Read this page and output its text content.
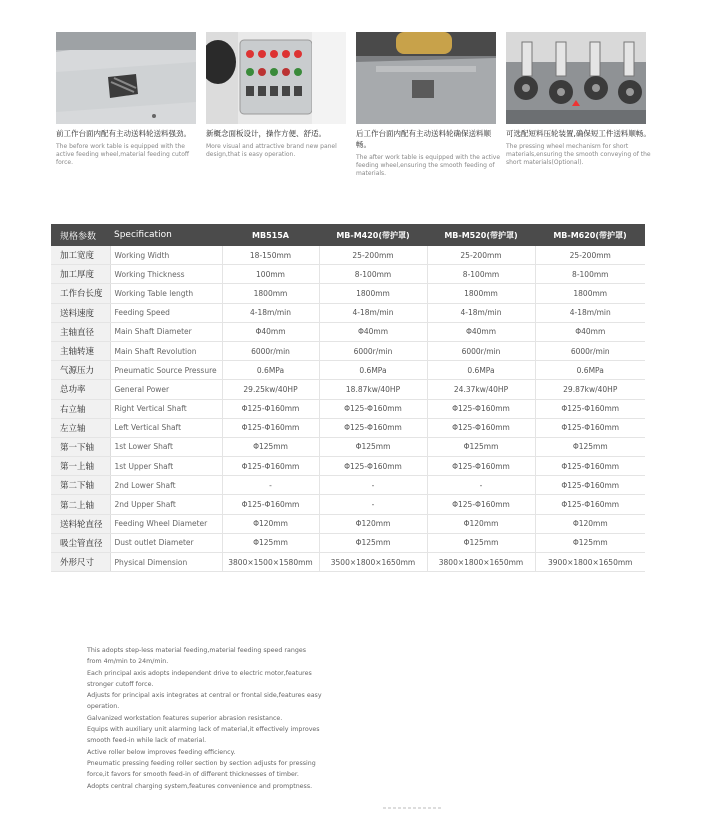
前工作台面内配有主动送料轮送料强劲。
The before work table is equipped with the active feeding wheel,material feeding cutoff force.
新概念面板设计，操作方便、舒适。
More visual and attractive brand new panel design,that is easy operation.
后工作台面内配有主动送料轮确保送料顺畅。
The after work table is equipped with the active feeding wheel,ensuring the smooth feeding of materials.
可选配短料压轮装置,确保短工件送料顺畅。
The pressing wheel mechanism for short materials,ensuring the smooth conveying of the short materials(Optional).
规格参数	Specification	MB515A	MB-M420(带护罩)	MB-M520(带护罩)	MB-M620(带护罩)
加工宽度	Working Width	18-150mm	25-200mm	25-200mm	25-200mm
加工厚度	Working Thickness	100mm	8-100mm	8-100mm	8-100mm
工作台长度	Working Table length	1800mm	1800mm	1800mm	1800mm
送料速度	Feeding Speed	4-18m/min	4-18m/min	4-18m/min	4-18m/min
主轴直径	Main Shaft Diameter	Φ40mm	Φ40mm	Φ40mm	Φ40mm
主轴转速	Main Shaft Revolution	6000r/min	6000r/min	6000r/min	6000r/min
气源压力	Pneumatic Source Pressure	0.6MPa	0.6MPa	0.6MPa	0.6MPa
总功率	General Power	29.25kw/40HP	18.87kw/40HP	24.37kw/40HP	29.87kw/40HP
右立轴	Right Vertical Shaft	Φ125-Φ160mm	Φ125-Φ160mm	Φ125-Φ160mm	Φ125-Φ160mm
左立轴	Left Vertical Shaft	Φ125-Φ160mm	Φ125-Φ160mm	Φ125-Φ160mm	Φ125-Φ160mm
第一下轴	1st Lower Shaft	Φ125mm	Φ125mm	Φ125mm	Φ125mm
第一上轴	1st Upper Shaft	Φ125-Φ160mm	Φ125-Φ160mm	Φ125-Φ160mm	Φ125-Φ160mm
第二下轴	2nd Lower Shaft	-	-	-	Φ125-Φ160mm
第二上轴	2nd Upper Shaft	Φ125-Φ160mm	-	Φ125-Φ160mm	Φ125-Φ160mm
送料轮直径	Feeding Wheel Diameter	Φ120mm	Φ120mm	Φ120mm	Φ120mm
吸尘管直径	Dust outlet Diameter	Φ125mm	Φ125mm	Φ125mm	Φ125mm
外形尺寸	Physical Dimension	3800×1500×1580mm	3500×1800×1650mm	3800×1800×1650mm	3900×1800×1650mm
This adopts step-less material feeding,material feeding speed ranges
from 4m/min to 24m/min.
Each principal axis adopts independent drive to electric motor,features
stronger cutoff force.
Adjusts for principal axis integrates at central or frontal side,features easy
operation.
Galvanized workstation features superior abrasion resistance.
Equips with auxiliary unit alarming lack of material,it effectively improves
smooth feed-in while lack of material.
Active roller below improves feeding efficiency.
Pneumatic pressing feeding roller section by section adjusts for pressing
force,it favors for smooth feed-in of different thicknesses of timber.
Adopts central charging system,features convenience and promptness.
